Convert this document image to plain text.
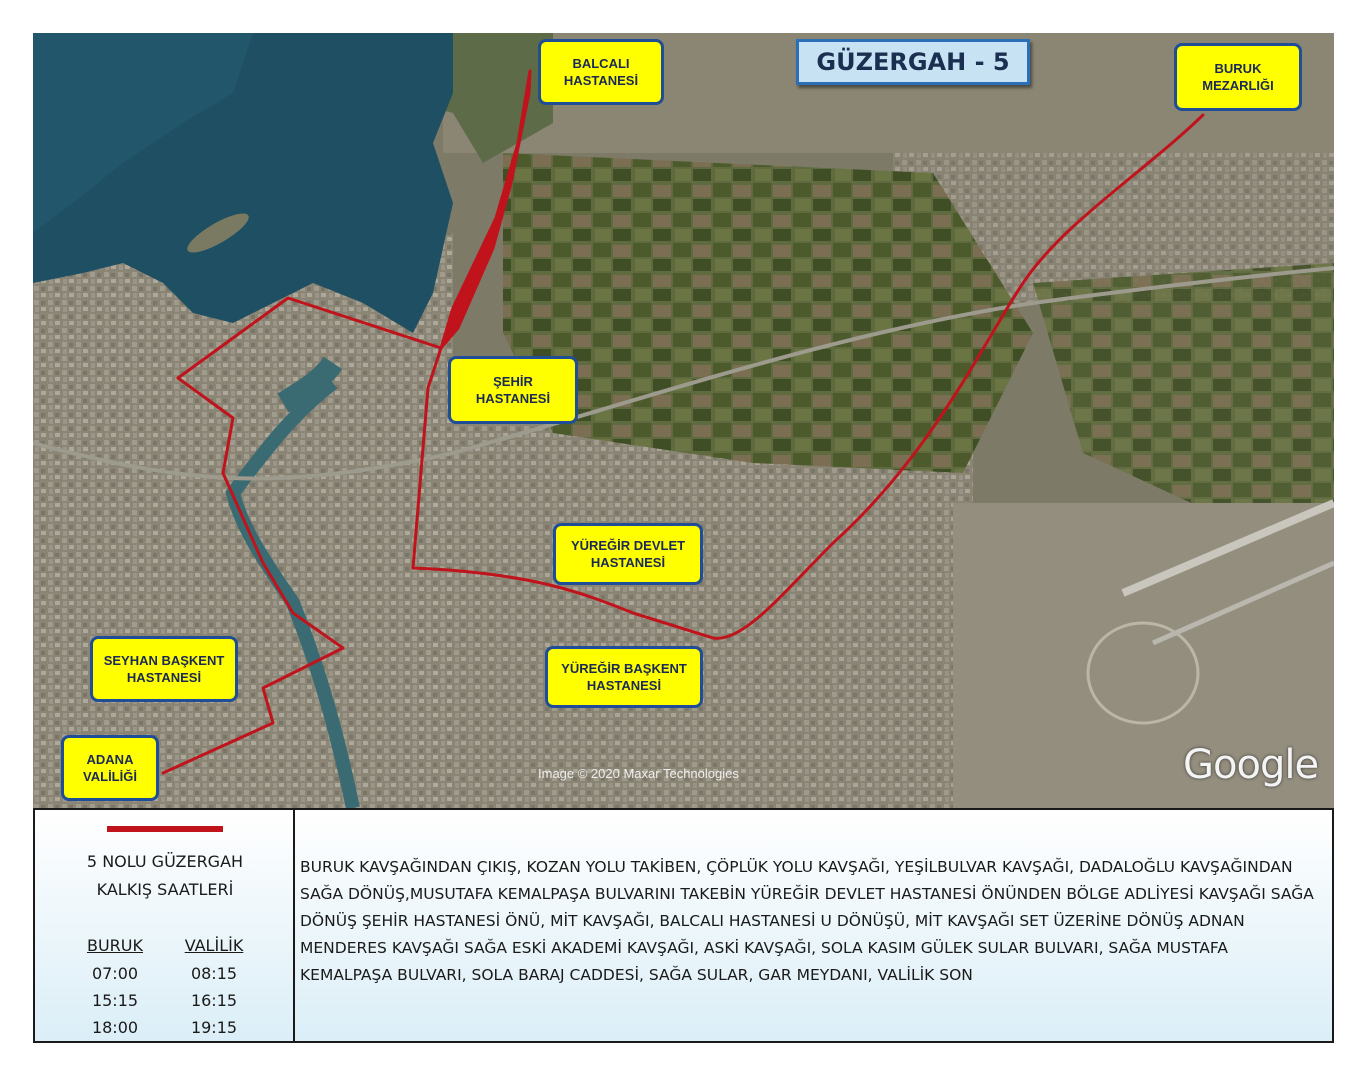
GÜZERGAH - 5
BALCALI
HASTANESİ
BURUK
MEZARLIĞI
ŞEHİR
HASTANESİ
YÜREĞİR DEVLET
HASTANESİ
SEYHAN BAŞKENT
HASTANESİ
YÜREĞİR BAŞKENT
HASTANESİ
ADANA
VALİLİĞİ	Image © 2020 Maxar Technologies	Google
5 NOLU GÜZERGAH
KALKIŞ SAATLERİ
BURUK
07:00
15:15
18:00
VALİLİK
08:15
16:15
19:15

BURUK KAVŞAĞINDAN ÇIKIŞ, KOZAN YOLU TAKİBEN, ÇÖPLÜK YOLU KAVŞAĞI, YEŞİLBULVAR KAVŞAĞI, DADALOĞLU KAVŞAĞINDAN SAĞA DÖNÜŞ,MUSUTAFA KEMALPAŞA BULVARINI TAKEBİN YÜREĞİR DEVLET HASTANESİ ÖNÜNDEN BÖLGE ADLİYESİ KAVŞAĞI SAĞA DÖNÜŞ ŞEHİR HASTANESİ ÖNÜ, MİT KAVŞAĞI, BALCALI HASTANESİ U DÖNÜŞÜ, MİT KAVŞAĞI SET ÜZERİNE DÖNÜŞ ADNAN MENDERES KAVŞAĞI SAĞA ESKİ AKADEMİ KAVŞAĞI, ASKİ KAVŞAĞI, SOLA KASIM GÜLEK SULAR BULVARI, SAĞA MUSTAFA KEMALPAŞA BULVARI, SOLA BARAJ CADDESİ, SAĞA SULAR, GAR MEYDANI, VALİLİK SON
